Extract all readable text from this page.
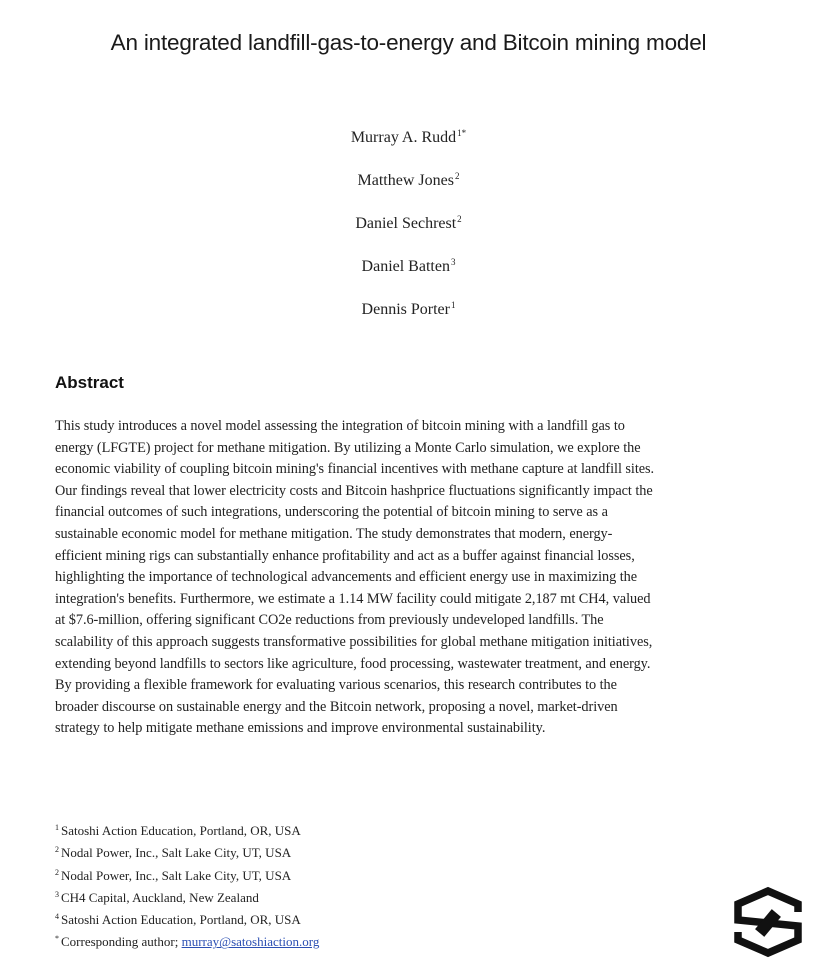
An integrated landfill-gas-to-energy and Bitcoin mining model
Murray A. Rudd$^{1*}$
Matthew Jones$^2$
Daniel Sechrest$^2$
Daniel Batten$^3$
Dennis Porter$^1$
Abstract
This study introduces a novel model assessing the integration of bitcoin mining with a landfill gas to
energy (LFGTE) project for methane mitigation. By utilizing a Monte Carlo simulation, we explore the
economic viability of coupling bitcoin mining's financial incentives with methane capture at landfill sites.
Our findings reveal that lower electricity costs and Bitcoin hashprice fluctuations significantly impact the
financial outcomes of such integrations, underscoring the potential of bitcoin mining to serve as a
sustainable economic model for methane mitigation. The study demonstrates that modern, energy-
efficient mining rigs can substantially enhance profitability and act as a buffer against financial losses,
highlighting the importance of technological advancements and efficient energy use in maximizing the
integration's benefits. Furthermore, we estimate a 1.14 MW facility could mitigate 2,187 mt CH4, valued
at $7.6-million, offering significant CO2e reductions from previously undeveloped landfills. The
scalability of this approach suggests transformative possibilities for global methane mitigation initiatives,
extending beyond landfills to sectors like agriculture, food processing, wastewater treatment, and energy.
By providing a flexible framework for evaluating various scenarios, this research contributes to the
broader discourse on sustainable energy and the Bitcoin network, proposing a novel, market-driven
strategy to help mitigate methane emissions and improve environmental sustainability.
$^1$ Satoshi Action Education, Portland, OR, USA
$^2$ Nodal Power, Inc., Salt Lake City, UT, USA
$^2$ Nodal Power, Inc., Salt Lake City, UT, USA
$^3$ CH4 Capital, Auckland, New Zealand
$^4$ Satoshi Action Education, Portland, OR, USA
* Corresponding author; murray@satoshiaction.org
